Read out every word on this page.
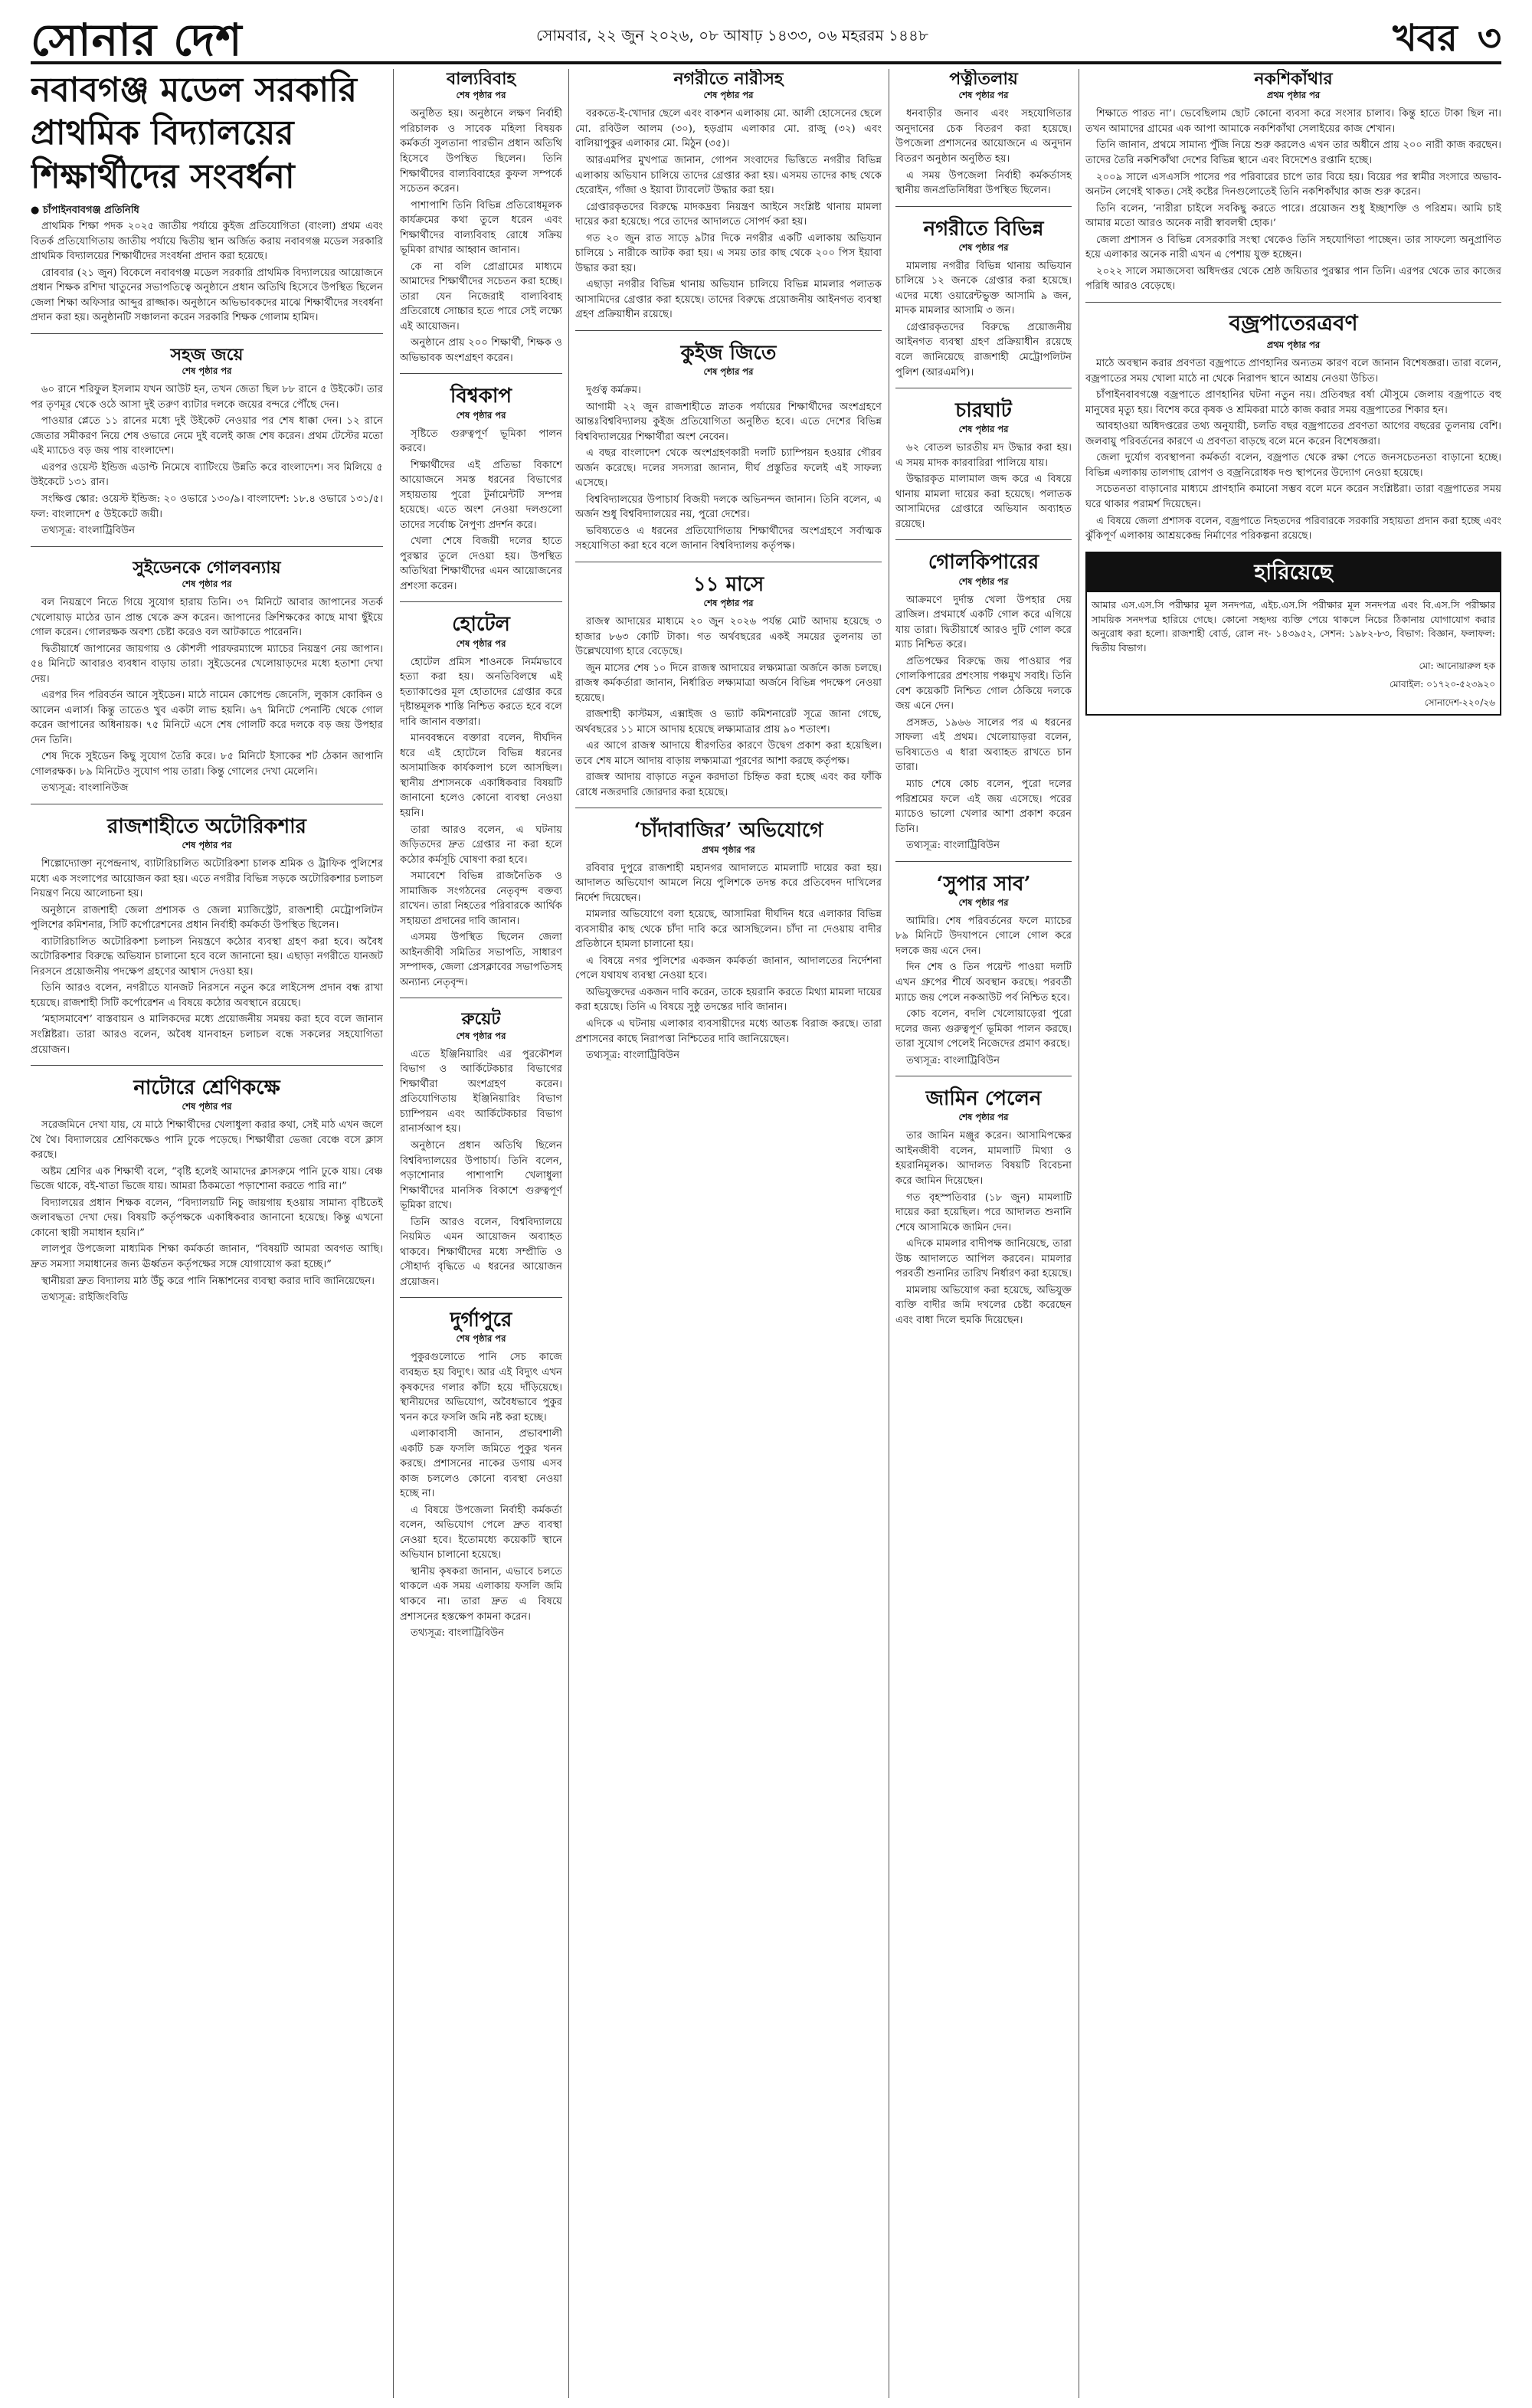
সোনার দেশ	সোমবার, ২২ জুন ২০২৬, ০৮ আষাঢ় ১৪৩৩, ০৬ মহররম ১৪৪৮	খবর ৩
নবাবগঞ্জ মডেল সরকারি প্রাথমিক বিদ্যালয়ের শিক্ষার্থীদের সংবর্ধনা

● চাঁপাইনবাবগঞ্জ প্রতিনিধি

প্রাথমিক শিক্ষা পদক ২০২৫ জাতীয় পর্যায়ে কুইজ প্রতিযোগিতা (বাংলা) প্রথম এবং বিতর্ক প্রতিযোগিতায় জাতীয় পর্যায়ে দ্বিতীয় স্থান অর্জিত করায় নবাবগঞ্জ মডেল সরকারি প্রাথমিক বিদ্যালয়ের শিক্ষার্থীদের সংবর্ধনা প্রদান করা হয়েছে।

রোববার (২১ জুন) বিকেলে নবাবগঞ্জ মডেল সরকারি প্রাথমিক বিদ্যালয়ের আয়োজনে প্রধান শিক্ষক রশিদা খাতুনের সভাপতিত্বে অনুষ্ঠানে প্রধান অতিথি হিসেবে উপস্থিত ছিলেন জেলা শিক্ষা অফিসার আব্দুর রাজ্জাক। অনুষ্ঠানে অভিভাবকদের মাঝে শিক্ষার্থীদের সংবর্ধনা প্রদান করা হয়। অনুষ্ঠানটি সঞ্চালনা করেন সরকারি শিক্ষক গোলাম হামিদ।

সহজ জয়ে
শেষ পৃষ্ঠার পর

৬০ রানে শরিফুল ইসলাম যখন আউট হন, তখন জেতা ছিল ৮৮ রানে ৫ উইকেট। তার পর তৃণমূর থেকে ওঠে আসা দুই তরুণ ব্যাটার দলকে জয়ের বন্দরে পৌঁছে দেন।

পাওয়ার প্লেতে ১১ রানের মধ্যে দুই উইকেট নেওয়ার পর শেষ ধাক্কা দেন। ১২ রানে জেতার সমীকরণ নিয়ে শেষ ওভারে নেমে দুই বলেই কাজ শেষ করেন। প্রথম টেস্টের মতো এই ম্যাচেও বড় জয় পায় বাংলাদেশ।

এরপর ওয়েস্ট ইন্ডিজ এডাপ্ট নিমেষে ব্যাটিংয়ে উন্নতি করে বাংলাদেশ। সব মিলিয়ে ৫ উইকেটে ১৩১ রান।

সংক্ষিপ্ত স্কোর: ওয়েস্ট ইন্ডিজ: ২০ ওভারে ১৩০/৯। বাংলাদেশ: ১৮.৪ ওভারে ১৩১/৫। ফল: বাংলাদেশ ৫ উইকেটে জয়ী।

তথ্যসূত্র: বাংলাট্রিবিউন

সুইডেনকে গোলবন্যায়
শেষ পৃষ্ঠার পর

বল নিয়ন্ত্রণে নিতে গিয়ে সুযোগ হারায় তিনি। ৩৭ মিনিটে আবার জাপানের সতর্ক খেলোয়াড় মাঠের ডান প্রান্ত থেকে ক্রস করেন। জাপানের ক্রিশিক্ষকের কাছে মাথা ছুঁইয়ে গোল করেন। গোলরক্ষক অবশ্য চেষ্টা করেও বল আটকাতে পারেননি।

দ্বিতীয়ার্ধে জাপানের জায়গায় ও কৌশলী পারফরম্যান্সে ম্যাচের নিয়ন্ত্রণ নেয় জাপান। ৫৪ মিনিটে আবারও ব্যবধান বাড়ায় তারা। সুইডেনের খেলোয়াড়দের মধ্যে হতাশা দেখা দেয়।

এরপর দিন পরিবর্তন আনে সুইডেন। মাঠে নামেন কোপেন্ড জেনেসি, লুকাস কোকিন ও আলেন এলার্স। কিন্তু তাতেও খুব একটা লাভ হয়নি। ৬৭ মিনিটে পেনাল্টি থেকে গোল করেন জাপানের অধিনায়ক। ৭৫ মিনিটে এসে শেষ গোলটি করে দলকে বড় জয় উপহার দেন তিনি।

শেষ দিকে সুইডেন কিছু সুযোগ তৈরি করে। ৮৫ মিনিটে ইসাকের শট ঠেকান জাপানি গোলরক্ষক। ৮৯ মিনিটেও সুযোগ পায় তারা। কিন্তু গোলের দেখা মেলেনি।

তথ্যসূত্র: বাংলানিউজ

রাজশাহীতে অটোরিকশার
শেষ পৃষ্ঠার পর

শিল্পোদ্যোক্তা নৃপেন্দ্রনাথ, ব্যাটারিচালিত অটোরিকশা চালক শ্রমিক ও ট্রাফিক পুলিশের মধ্যে এক সংলাপের আয়োজন করা হয়। এতে নগরীর বিভিন্ন সড়কে অটোরিকশার চলাচল নিয়ন্ত্রণ নিয়ে আলোচনা হয়।

অনুষ্ঠানে রাজশাহী জেলা প্রশাসক ও জেলা ম্যাজিস্ট্রেট, রাজশাহী মেট্রোপলিটন পুলিশের কমিশনার, সিটি কর্পোরেশনের প্রধান নির্বাহী কর্মকর্তা উপস্থিত ছিলেন।

ব্যাটারিচালিত অটোরিকশা চলাচল নিয়ন্ত্রণে কঠোর ব্যবস্থা গ্রহণ করা হবে। অবৈধ অটোরিকশার বিরুদ্ধে অভিযান চালানো হবে বলে জানানো হয়। এছাড়া নগরীতে যানজট নিরসনে প্রয়োজনীয় পদক্ষেপ গ্রহণের আশ্বাস দেওয়া হয়।

তিনি আরও বলেন, নগরীতে যানজট নিরসনে নতুন করে লাইসেন্স প্রদান বন্ধ রাখা হয়েছে। রাজশাহী সিটি কর্পোরেশন এ বিষয়ে কঠোর অবস্থানে রয়েছে।

‘মহাসমাবেশ’ বাস্তবায়ন ও মালিকদের মধ্যে প্রয়োজনীয় সমন্বয় করা হবে বলে জানান সংশ্লিষ্টরা। তারা আরও বলেন, অবৈধ যানবাহন চলাচল বন্ধে সকলের সহযোগিতা প্রয়োজন।

নাটোরে শ্রেণিকক্ষে
শেষ পৃষ্ঠার পর

সরেজমিনে দেখা যায়, যে মাঠে শিক্ষার্থীদের খেলাধুলা করার কথা, সেই মাঠ এখন জলে থৈ থৈ। বিদ্যালয়ের শ্রেণিকক্ষেও পানি ঢুকে পড়েছে। শিক্ষার্থীরা ভেজা বেঞ্চে বসে ক্লাস করছে।

অষ্টম শ্রেণির এক শিক্ষার্থী বলে, “বৃষ্টি হলেই আমাদের ক্লাসরুমে পানি ঢুকে যায়। বেঞ্চ ভিজে থাকে, বই-খাতা ভিজে যায়। আমরা ঠিকমতো পড়াশোনা করতে পারি না।”

বিদ্যালয়ের প্রধান শিক্ষক বলেন, “বিদ্যালয়টি নিচু জায়গায় হওয়ায় সামান্য বৃষ্টিতেই জলাবদ্ধতা দেখা দেয়। বিষয়টি কর্তৃপক্ষকে একাধিকবার জানানো হয়েছে। কিন্তু এখনো কোনো স্থায়ী সমাধান হয়নি।”

লালপুর উপজেলা মাধ্যমিক শিক্ষা কর্মকর্তা জানান, “বিষয়টি আমরা অবগত আছি। দ্রুত সমস্যা সমাধানের জন্য ঊর্ধ্বতন কর্তৃপক্ষের সঙ্গে যোগাযোগ করা হচ্ছে।”

স্থানীয়রা দ্রুত বিদ্যালয় মাঠ উঁচু করে পানি নিষ্কাশনের ব্যবস্থা করার দাবি জানিয়েছেন।

তথ্যসূত্র: রাইজিংবিডি

বাল্যবিবাহ
শেষ পৃষ্ঠার পর

অনুষ্ঠিত হয়। অনুষ্ঠানে লক্ষণ নির্বাহী পরিচালক ও সাবেক মহিলা বিষয়ক কর্মকর্তা সুলতানা পারভীন প্রধান অতিথি হিসেবে উপস্থিত ছিলেন। তিনি শিক্ষার্থীদের বাল্যবিবাহের কুফল সম্পর্কে সচেতন করেন।

পাশাপাশি তিনি বিভিন্ন প্রতিরোধমূলক কার্যক্রমের কথা তুলে ধরেন এবং শিক্ষার্থীদের বাল্যবিবাহ রোধে সক্রিয় ভূমিকা রাখার আহ্বান জানান।

কে না বলি প্রোগ্রামের মাধ্যমে আমাদের শিক্ষার্থীদের সচেতন করা হচ্ছে। তারা যেন নিজেরাই বাল্যবিবাহ প্রতিরোধে সোচ্চার হতে পারে সেই লক্ষ্যে এই আয়োজন।

অনুষ্ঠানে প্রায় ২০০ শিক্ষার্থী, শিক্ষক ও অভিভাবক অংশগ্রহণ করেন।

বিশ্বকাপ
শেষ পৃষ্ঠার পর

সৃষ্টিতে গুরুত্বপূর্ণ ভূমিকা পালন করবে।

শিক্ষার্থীদের এই প্রতিভা বিকাশে আয়োজনে সমস্ত ধরনের বিভাগের সহায়তায় পুরো টুর্নামেন্টটি সম্পন্ন হয়েছে। এতে অংশ নেওয়া দলগুলো তাদের সর্বোচ্চ নৈপুণ্য প্রদর্শন করে।

খেলা শেষে বিজয়ী দলের হাতে পুরস্কার তুলে দেওয়া হয়। উপস্থিত অতিথিরা শিক্ষার্থীদের এমন আয়োজনের প্রশংসা করেন।

হোটেল
শেষ পৃষ্ঠার পর

হোটেল প্রমিস শাওনকে নির্মমভাবে হত্যা করা হয়। অনতিবিলম্বে এই হত্যাকাণ্ডের মূল হোতাদের গ্রেপ্তার করে দৃষ্টান্তমূলক শাস্তি নিশ্চিত করতে হবে বলে দাবি জানান বক্তারা।

মানববন্ধনে বক্তারা বলেন, দীর্ঘদিন ধরে এই হোটেলে বিভিন্ন ধরনের অসামাজিক কার্যকলাপ চলে আসছিল। স্থানীয় প্রশাসনকে একাধিকবার বিষয়টি জানানো হলেও কোনো ব্যবস্থা নেওয়া হয়নি।

তারা আরও বলেন, এ ঘটনায় জড়িতদের দ্রুত গ্রেপ্তার না করা হলে কঠোর কর্মসূচি ঘোষণা করা হবে।

সমাবেশে বিভিন্ন রাজনৈতিক ও সামাজিক সংগঠনের নেতৃবৃন্দ বক্তব্য রাখেন। তারা নিহতের পরিবারকে আর্থিক সহায়তা প্রদানের দাবি জানান।

এসময় উপস্থিত ছিলেন জেলা আইনজীবী সমিতির সভাপতি, সাধারণ সম্পাদক, জেলা প্রেসক্লাবের সভাপতিসহ অন্যান্য নেতৃবৃন্দ।

রুয়েট
শেষ পৃষ্ঠার পর

এতে ইঞ্জিনিয়ারিং এর পুরকৌশল বিভাগ ও আর্কিটেকচার বিভাগের শিক্ষার্থীরা অংশগ্রহণ করেন। প্রতিযোগিতায় ইঞ্জিনিয়ারিং বিভাগ চ্যাম্পিয়ন এবং আর্কিটেকচার বিভাগ রানার্সআপ হয়।

অনুষ্ঠানে প্রধান অতিথি ছিলেন বিশ্ববিদ্যালয়ের উপাচার্য। তিনি বলেন, পড়াশোনার পাশাপাশি খেলাধুলা শিক্ষার্থীদের মানসিক বিকাশে গুরুত্বপূর্ণ ভূমিকা রাখে।

তিনি আরও বলেন, বিশ্ববিদ্যালয়ে নিয়মিত এমন আয়োজন অব্যাহত থাকবে। শিক্ষার্থীদের মধ্যে সম্প্রীতি ও সৌহার্দ্য বৃদ্ধিতে এ ধরনের আয়োজন প্রয়োজন।

দুর্গাপুরে
শেষ পৃষ্ঠার পর

পুকুরগুলোতে পানি সেচ কাজে ব্যবহৃত হয় বিদ্যুৎ। আর এই বিদ্যুৎ এখন কৃষকদের গলার কাঁটা হয়ে দাঁড়িয়েছে। স্থানীয়দের অভিযোগ, অবৈধভাবে পুকুর খনন করে ফসলি জমি নষ্ট করা হচ্ছে।

এলাকাবাসী জানান, প্রভাবশালী একটি চক্র ফসলি জমিতে পুকুর খনন করছে। প্রশাসনের নাকের ডগায় এসব কাজ চললেও কোনো ব্যবস্থা নেওয়া হচ্ছে না।

এ বিষয়ে উপজেলা নির্বাহী কর্মকর্তা বলেন, অভিযোগ পেলে দ্রুত ব্যবস্থা নেওয়া হবে। ইতোমধ্যে কয়েকটি স্থানে অভিযান চালানো হয়েছে।

স্থানীয় কৃষকরা জানান, এভাবে চলতে থাকলে এক সময় এলাকায় ফসলি জমি থাকবে না। তারা দ্রুত এ বিষয়ে প্রশাসনের হস্তক্ষেপ কামনা করেন।

তথ্যসূত্র: বাংলাট্রিবিউন

নগরীতে নারীসহ
শেষ পৃষ্ঠার পর

বরকতে-ই-খোদার ছেলে এবং বাকশন এলাকায় মো. আলী হোসেনের ছেলে মো. রবিউল আলম (৩০), হড়গ্রাম এলাকার মো. রাজু (৩২) এবং বালিয়াপুকুর এলাকার মো. মিঠুন (৩৫)।

আরএমপির মুখপাত্র জানান, গোপন সংবাদের ভিত্তিতে নগরীর বিভিন্ন এলাকায় অভিযান চালিয়ে তাদের গ্রেপ্তার করা হয়। এসময় তাদের কাছ থেকে হেরোইন, গাঁজা ও ইয়াবা ট্যাবলেট উদ্ধার করা হয়।

গ্রেপ্তারকৃতদের বিরুদ্ধে মাদকদ্রব্য নিয়ন্ত্রণ আইনে সংশ্লিষ্ট থানায় মামলা দায়ের করা হয়েছে। পরে তাদের আদালতে সোপর্দ করা হয়।

গত ২০ জুন রাত সাড়ে ৯টার দিকে নগরীর একটি এলাকায় অভিযান চালিয়ে ১ নারীকে আটক করা হয়। এ সময় তার কাছ থেকে ২০০ পিস ইয়াবা উদ্ধার করা হয়।

এছাড়া নগরীর বিভিন্ন থানায় অভিযান চালিয়ে বিভিন্ন মামলার পলাতক আসামিদের গ্রেপ্তার করা হয়েছে। তাদের বিরুদ্ধে প্রয়োজনীয় আইনগত ব্যবস্থা গ্রহণ প্রক্রিয়াধীন রয়েছে।

কুইজ জিতে
শেষ পৃষ্ঠার পর

দুর্গুত্ব কর্মক্রম।

আগামী ২২ জুন রাজশাহীতে স্নাতক পর্যায়ের শিক্ষার্থীদের অংশগ্রহণে আন্তঃবিশ্ববিদ্যালয় কুইজ প্রতিযোগিতা অনুষ্ঠিত হবে। এতে দেশের বিভিন্ন বিশ্ববিদ্যালয়ের শিক্ষার্থীরা অংশ নেবেন।

এ বছর বাংলাদেশ থেকে অংশগ্রহণকারী দলটি চ্যাম্পিয়ন হওয়ার গৌরব অর্জন করেছে। দলের সদস্যরা জানান, দীর্ঘ প্রস্তুতির ফলেই এই সাফল্য এসেছে।

বিশ্ববিদ্যালয়ের উপাচার্য বিজয়ী দলকে অভিনন্দন জানান। তিনি বলেন, এ অর্জন শুধু বিশ্ববিদ্যালয়ের নয়, পুরো দেশের।

ভবিষ্যতেও এ ধরনের প্রতিযোগিতায় শিক্ষার্থীদের অংশগ্রহণে সর্বাত্মক সহযোগিতা করা হবে বলে জানান বিশ্ববিদ্যালয় কর্তৃপক্ষ।

১১ মাসে
শেষ পৃষ্ঠার পর

রাজস্ব আদায়ের মাধ্যমে ২০ জুন ২০২৬ পর্যন্ত মোট আদায় হয়েছে ৩ হাজার ৮৬৩ কোটি টাকা। গত অর্থবছরের একই সময়ের তুলনায় তা উল্লেখযোগ্য হারে বেড়েছে।

জুন মাসের শেষ ১০ দিনে রাজস্ব আদায়ের লক্ষ্যমাত্রা অর্জনে কাজ চলছে। রাজস্ব কর্মকর্তারা জানান, নির্ধারিত লক্ষ্যমাত্রা অর্জনে বিভিন্ন পদক্ষেপ নেওয়া হয়েছে।

রাজশাহী কাস্টমস, এক্সাইজ ও ভ্যাট কমিশনারেট সূত্রে জানা গেছে, অর্থবছরের ১১ মাসে আদায় হয়েছে লক্ষ্যমাত্রার প্রায় ৯০ শতাংশ।

এর আগে রাজস্ব আদায়ে ধীরগতির কারণে উদ্বেগ প্রকাশ করা হয়েছিল। তবে শেষ মাসে আদায় বাড়ায় লক্ষ্যমাত্রা পূরণের আশা করছে কর্তৃপক্ষ।

রাজস্ব আদায় বাড়াতে নতুন করদাতা চিহ্নিত করা হচ্ছে এবং কর ফাঁকি রোধে নজরদারি জোরদার করা হয়েছে।

‘চাঁদাবাজির’ অভিযোগে
প্রথম পৃষ্ঠার পর

রবিবার দুপুরে রাজশাহী মহানগর আদালতে মামলাটি দায়ের করা হয়। আদালত অভিযোগ আমলে নিয়ে পুলিশকে তদন্ত করে প্রতিবেদন দাখিলের নির্দেশ দিয়েছেন।

মামলার অভিযোগে বলা হয়েছে, আসামিরা দীর্ঘদিন ধরে এলাকার বিভিন্ন ব্যবসায়ীর কাছ থেকে চাঁদা দাবি করে আসছিলেন। চাঁদা না দেওয়ায় বাদীর প্রতিষ্ঠানে হামলা চালানো হয়।

এ বিষয়ে নগর পুলিশের একজন কর্মকর্তা জানান, আদালতের নির্দেশনা পেলে যথাযথ ব্যবস্থা নেওয়া হবে।

অভিযুক্তদের একজন দাবি করেন, তাকে হয়রানি করতে মিথ্যা মামলা দায়ের করা হয়েছে। তিনি এ বিষয়ে সুষ্ঠু তদন্তের দাবি জানান।

এদিকে এ ঘটনায় এলাকার ব্যবসায়ীদের মধ্যে আতঙ্ক বিরাজ করছে। তারা প্রশাসনের কাছে নিরাপত্তা নিশ্চিতের দাবি জানিয়েছেন।

তথ্যসূত্র: বাংলাট্রিবিউন

পত্নীতলায়
শেষ পৃষ্ঠার পর

ধনবাড়ীর জনাব এবং সহযোগিতার অনুদানের চেক বিতরণ করা হয়েছে। উপজেলা প্রশাসনের আয়োজনে এ অনুদান বিতরণ অনুষ্ঠান অনুষ্ঠিত হয়।

এ সময় উপজেলা নির্বাহী কর্মকর্তাসহ স্থানীয় জনপ্রতিনিধিরা উপস্থিত ছিলেন।

নগরীতে বিভিন্ন
শেষ পৃষ্ঠার পর

মামলায় নগরীর বিভিন্ন থানায় অভিযান চালিয়ে ১২ জনকে গ্রেপ্তার করা হয়েছে। এদের মধ্যে ওয়ারেন্টভুক্ত আসামি ৯ জন, মাদক মামলার আসামি ৩ জন।

গ্রেপ্তারকৃতদের বিরুদ্ধে প্রয়োজনীয় আইনগত ব্যবস্থা গ্রহণ প্রক্রিয়াধীন রয়েছে বলে জানিয়েছে রাজশাহী মেট্রোপলিটন পুলিশ (আরএমপি)।

চারঘাট
শেষ পৃষ্ঠার পর

৬২ বোতল ভারতীয় মদ উদ্ধার করা হয়। এ সময় মাদক কারবারিরা পালিয়ে যায়।

উদ্ধারকৃত মালামাল জব্দ করে এ বিষয়ে থানায় মামলা দায়ের করা হয়েছে। পলাতক আসামিদের গ্রেপ্তারে অভিযান অব্যাহত রয়েছে।

গোলকিপারের
শেষ পৃষ্ঠার পর

আক্রমণে দুর্দান্ত খেলা উপহার দেয় ব্রাজিল। প্রথমার্ধে একটি গোল করে এগিয়ে যায় তারা। দ্বিতীয়ার্ধে আরও দুটি গোল করে ম্যাচ নিশ্চিত করে।

প্রতিপক্ষের বিরুদ্ধে জয় পাওয়ার পর গোলকিপারের প্রশংসায় পঞ্চমুখ সবাই। তিনি বেশ কয়েকটি নিশ্চিত গোল ঠেকিয়ে দলকে জয় এনে দেন।

প্রসঙ্গত, ১৯৬৬ সালের পর এ ধরনের সাফল্য এই প্রথম। খেলোয়াড়রা বলেন, ভবিষ্যতেও এ ধারা অব্যাহত রাখতে চান তারা।

ম্যাচ শেষে কোচ বলেন, পুরো দলের পরিশ্রমের ফলে এই জয় এসেছে। পরের ম্যাচেও ভালো খেলার আশা প্রকাশ করেন তিনি।

তথ্যসূত্র: বাংলাট্রিবিউন

‘সুপার সাব’
শেষ পৃষ্ঠার পর

আমিরি। শেষ পরিবর্তনের ফলে ম্যাচের ৮৯ মিনিটে উদযাপনে গোলে গোল করে দলকে জয় এনে দেন।

দিন শেষ ও তিন পয়েন্ট পাওয়া দলটি এখন গ্রুপের শীর্ষে অবস্থান করছে। পরবর্তী ম্যাচে জয় পেলে নকআউট পর্ব নিশ্চিত হবে।

কোচ বলেন, বদলি খেলোয়াড়েরা পুরো দলের জন্য গুরুত্বপূর্ণ ভূমিকা পালন করছে। তারা সুযোগ পেলেই নিজেদের প্রমাণ করছে।

তথ্যসূত্র: বাংলাট্রিবিউন

জামিন পেলেন
শেষ পৃষ্ঠার পর

তার জামিন মঞ্জুর করেন। আসামিপক্ষের আইনজীবী বলেন, মামলাটি মিথ্যা ও হয়রানিমূলক। আদালত বিষয়টি বিবেচনা করে জামিন দিয়েছেন।

গত বৃহস্পতিবার (১৮ জুন) মামলাটি দায়ের করা হয়েছিল। পরে আদালত শুনানি শেষে আসামিকে জামিন দেন।

এদিকে মামলার বাদীপক্ষ জানিয়েছে, তারা উচ্চ আদালতে আপিল করবেন। মামলার পরবর্তী শুনানির তারিখ নির্ধারণ করা হয়েছে।

মামলায় অভিযোগ করা হয়েছে, অভিযুক্ত ব্যক্তি বাদীর জমি দখলের চেষ্টা করেছেন এবং বাধা দিলে হুমকি দিয়েছেন।

নকশিকাঁথার
প্রথম পৃষ্ঠার পর

শিক্ষাতে পারত না’। ভেবেছিলাম ছোট কোনো ব্যবসা করে সংসার চালাব। কিন্তু হাতে টাকা ছিল না। তখন আমাদের গ্রামের এক আপা আমাকে নকশিকাঁথা সেলাইয়ের কাজ শেখান।

তিনি জানান, প্রথমে সামান্য পুঁজি নিয়ে শুরু করলেও এখন তার অধীনে প্রায় ২০০ নারী কাজ করছেন। তাদের তৈরি নকশিকাঁথা দেশের বিভিন্ন স্থানে এবং বিদেশেও রপ্তানি হচ্ছে।

২০০৯ সালে এসএসসি পাসের পর পরিবারের চাপে তার বিয়ে হয়। বিয়ের পর স্বামীর সংসারে অভাব-অনটন লেগেই থাকত। সেই কষ্টের দিনগুলোতেই তিনি নকশিকাঁথার কাজ শুরু করেন।

তিনি বলেন, ‘নারীরা চাইলে সবকিছু করতে পারে। প্রয়োজন শুধু ইচ্ছাশক্তি ও পরিশ্রম। আমি চাই আমার মতো আরও অনেক নারী স্বাবলম্বী হোক।’

জেলা প্রশাসন ও বিভিন্ন বেসরকারি সংস্থা থেকেও তিনি সহযোগিতা পাচ্ছেন। তার সাফল্যে অনুপ্রাণিত হয়ে এলাকার অনেক নারী এখন এ পেশায় যুক্ত হচ্ছেন।

২০২২ সালে সমাজসেবা অধিদপ্তর থেকে শ্রেষ্ঠ জয়িতার পুরস্কার পান তিনি। এরপর থেকে তার কাজের পরিধি আরও বেড়েছে।

বজ্রপাতেরত্রবণ
প্রথম পৃষ্ঠার পর

মাঠে অবস্থান করার প্রবণতা বজ্রপাতে প্রাণহানির অন্যতম কারণ বলে জানান বিশেষজ্ঞরা। তারা বলেন, বজ্রপাতের সময় খোলা মাঠে না থেকে নিরাপদ স্থানে আশ্রয় নেওয়া উচিত।

চাঁপাইনবাবগঞ্জে বজ্রপাতে প্রাণহানির ঘটনা নতুন নয়। প্রতিবছর বর্ষা মৌসুমে জেলায় বজ্রপাতে বহু মানুষের মৃত্যু হয়। বিশেষ করে কৃষক ও শ্রমিকরা মাঠে কাজ করার সময় বজ্রপাতের শিকার হন।

আবহাওয়া অধিদপ্তরের তথ্য অনুযায়ী, চলতি বছর বজ্রপাতের প্রবণতা আগের বছরের তুলনায় বেশি। জলবায়ু পরিবর্তনের কারণে এ প্রবণতা বাড়ছে বলে মনে করেন বিশেষজ্ঞরা।

জেলা দুর্যোগ ব্যবস্থাপনা কর্মকর্তা বলেন, বজ্রপাত থেকে রক্ষা পেতে জনসচেতনতা বাড়ানো হচ্ছে। বিভিন্ন এলাকায় তালগাছ রোপণ ও বজ্রনিরোধক দণ্ড স্থাপনের উদ্যোগ নেওয়া হয়েছে।

সচেতনতা বাড়ানোর মাধ্যমে প্রাণহানি কমানো সম্ভব বলে মনে করেন সংশ্লিষ্টরা। তারা বজ্রপাতের সময় ঘরে থাকার পরামর্শ দিয়েছেন।

এ বিষয়ে জেলা প্রশাসক বলেন, বজ্রপাতে নিহতদের পরিবারকে সরকারি সহায়তা প্রদান করা হচ্ছে এবং ঝুঁকিপূর্ণ এলাকায় আশ্রয়কেন্দ্র নির্মাণের পরিকল্পনা রয়েছে।

হারিয়েছে

আমার এস.এস.সি পরীক্ষার মূল সনদপত্র, এইচ.এস.সি পরীক্ষার মূল সনদপত্র এবং বি.এস.সি পরীক্ষার সাময়িক সনদপত্র হারিয়ে গেছে। কোনো সহৃদয় ব্যক্তি পেয়ে থাকলে নিচের ঠিকানায় যোগাযোগ করার অনুরোধ করা হলো। রাজশাহী বোর্ড, রোল নং- ১৪৩৯৫২, সেশন: ১৯৮২-৮৩, বিভাগ: বিজ্ঞান, ফলাফল: দ্বিতীয় বিভাগ।

মো: আনোয়ারুল হক
মোবাইল: ০১৭২০-৫২৩৯২০
সোনাদেশ-২২০/২৬
